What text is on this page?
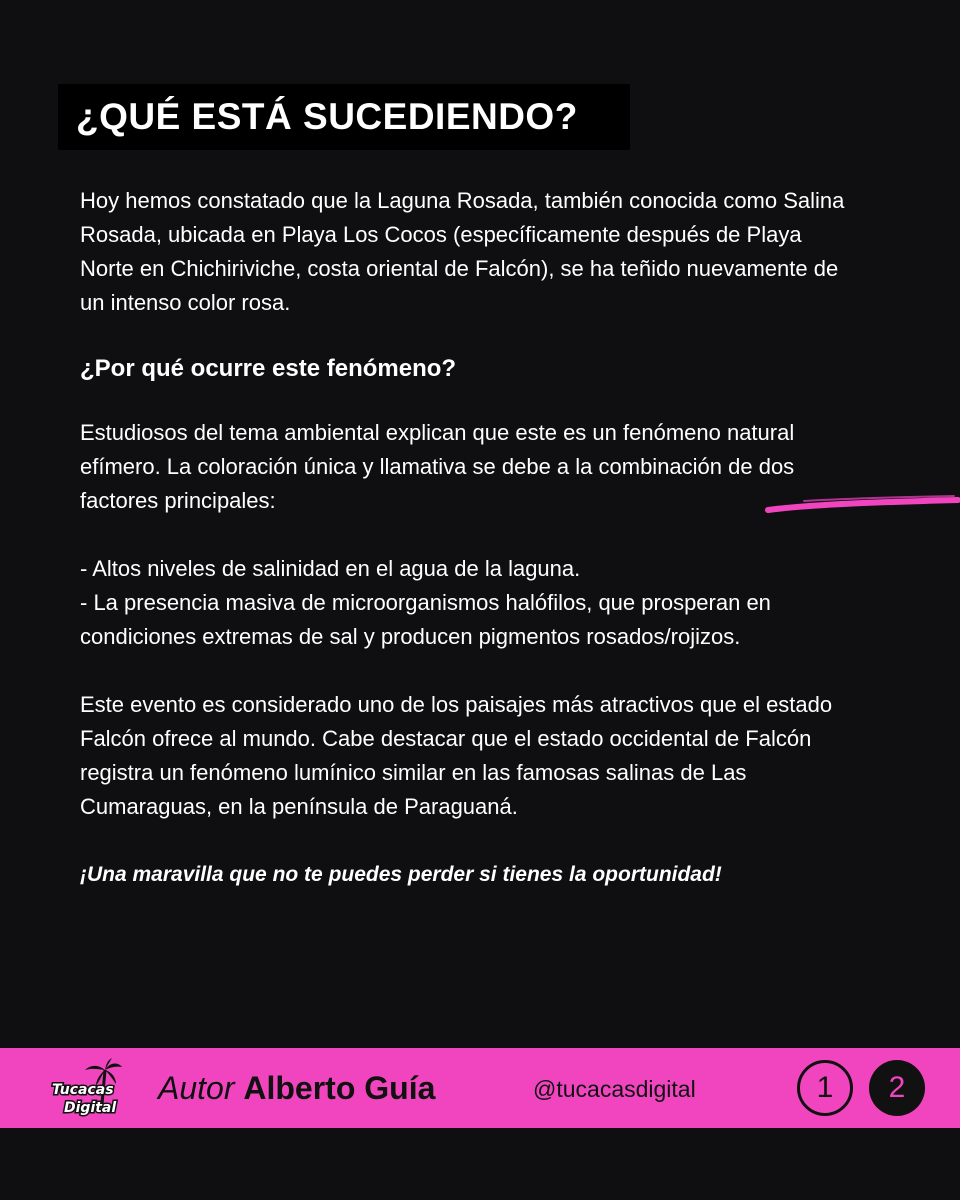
¿QUÉ ESTÁ SUCEDIENDO?

Hoy hemos constatado que la Laguna Rosada, también conocida como Salina Rosada, ubicada en Playa Los Cocos (específicamente después de Playa Norte en Chichiriviche, costa oriental de Falcón), se ha teñido nuevamente de un intenso color rosa.

¿Por qué ocurre este fenómeno?

Estudiosos del tema ambiental explican que este es un fenómeno natural efímero. La coloración única y llamativa se debe a la combinación de dos factores principales:

- Altos niveles de salinidad en el agua de la laguna.

- La presencia masiva de microorganismos halófilos, que prosperan en condiciones extremas de sal y producen pigmentos rosados/rojizos.

Este evento es considerado uno de los paisajes más atractivos que el estado Falcón ofrece al mundo. Cabe destacar que el estado occidental de Falcón registra un fenómeno lumínico similar en las famosas salinas de Las Cumaraguas, en la península de Paraguaná.

¡Una maravilla que no te puedes perder si tienes la oportunidad!

Tucacas
Digital
Autor Alberto Guía	@tucacasdigital	1	2
